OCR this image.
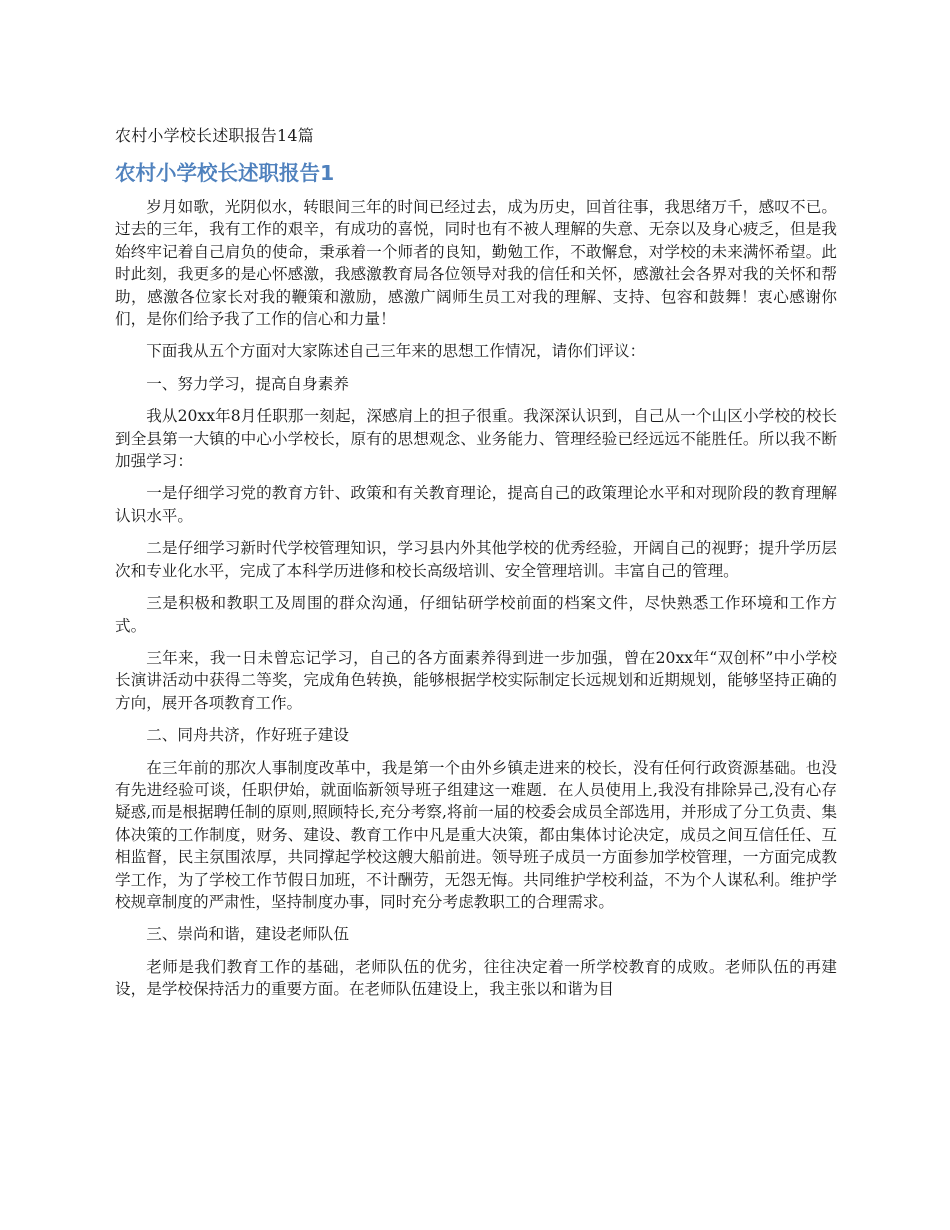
农村小学校长述职报告14篇
农村小学校长述职报告1

岁月如歌，光阴似水，转眼间三年的时间已经过去，成为历史，回首往事，我思绪万千，感叹不已。过去的三年，我有工作的艰辛，有成功的喜悦，同时也有不被人理解的失意、无奈以及身心疲乏，但是我始终牢记着自己肩负的使命，秉承着一个师者的良知，勤勉工作，不敢懈怠，对学校的未来满怀希望。此时此刻，我更多的是心怀感激，我感激教育局各位领导对我的信任和关怀，感激社会各界对我的关怀和帮助，感激各位家长对我的鞭策和激励，感激广阔师生员工对我的理解、支持、包容和鼓舞！衷心感谢你们，是你们给予我了工作的信心和力量！

下面我从五个方面对大家陈述自己三年来的思想工作情况，请你们评议：

一、努力学习，提高自身素养

我从20xx年8月任职那一刻起，深感肩上的担子很重。我深深认识到，自己从一个山区小学校的校长到全县第一大镇的中心小学校长，原有的思想观念、业务能力、管理经验已经远远不能胜任。所以我不断加强学习：

一是仔细学习党的教育方针、政策和有关教育理论，提高自己的政策理论水平和对现阶段的教育理解认识水平。

二是仔细学习新时代学校管理知识，学习县内外其他学校的优秀经验，开阔自己的视野；提升学历层次和专业化水平，完成了本科学历进修和校长高级培训、安全管理培训。丰富自己的管理。

三是积极和教职工及周围的群众沟通，仔细钻研学校前面的档案文件，尽快熟悉工作环境和工作方式。

三年来，我一日未曾忘记学习，自己的各方面素养得到进一步加强，曾在20xx年“双创杯”中小学校长演讲活动中获得二等奖，完成角色转换，能够根据学校实际制定长远规划和近期规划，能够坚持正确的方向，展开各项教育工作。

二、同舟共济，作好班子建设

在三年前的那次人事制度改革中，我是第一个由外乡镇走进来的校长，没有任何行政资源基础。也没有先进经验可谈，任职伊始，就面临新领导班子组建这一难题．在人员使用上,我没有排除异己,没有心存疑惑,而是根据聘任制的原则,照顾特长,充分考察,将前一届的校委会成员全部选用，并形成了分工负责、集体决策的工作制度，财务、建设、教育工作中凡是重大决策，都由集体讨论决定，成员之间互信任任、互相监督，民主氛围浓厚，共同撑起学校这艘大船前进。领导班子成员一方面参加学校管理，一方面完成教学工作，为了学校工作节假日加班，不计酬劳，无怨无悔。共同维护学校利益，不为个人谋私利。维护学校规章制度的严肃性，坚持制度办事，同时充分考虑教职工的合理需求。

三、崇尚和谐，建设老师队伍

老师是我们教育工作的基础，老师队伍的优劣，往往决定着一所学校教育的成败。老师队伍的再建设，是学校保持活力的重要方面。在老师队伍建设上，我主张以和谐为目
